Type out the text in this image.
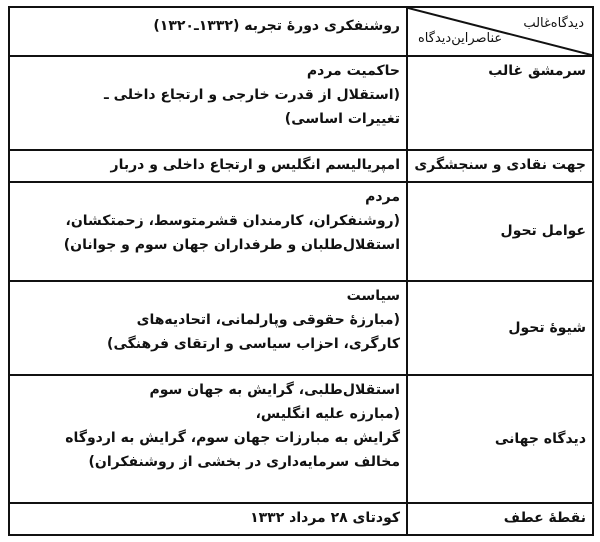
دیدگاه‌غالب
عناصراین‌دیدگاه	روشنفکری دورهٔ تجربه (۱۳۳۲ـ۱۳۲۰)
سرمشق غالب	حاکمیت مردم
(استقلال از قدرت خارجی و ارتجاع داخلی ـ
تغییرات اساسی)

جهت نقادی و سنجشگری	امپریالیسم انگلیس و ارتجاع داخلی و دربار

عوامل تحول	مردم
(روشنفکران، کارمندان قشرمتوسط، زحمتکشان،
استقلال‌طلبان و طرفداران جهان سوم و جوانان)

شیوهٔ تحول	سیاست
(مبارزهٔ حقوقی وپارلمانی، اتحادیه‌های
کارگری، احزاب سیاسی و ارتقای فرهنگی)

دیدگاه جهانی	استقلال‌طلبی، گرایش به جهان سوم
(مبارزه علیه انگلیس،
گرایش به مبارزات جهان سوم، گرایش به اردوگاه
مخالف سرمایه‌داری در بخشی از روشنفکران)

نقطهٔ عطف	کودتای ۲۸ مرداد ۱۳۳۲
